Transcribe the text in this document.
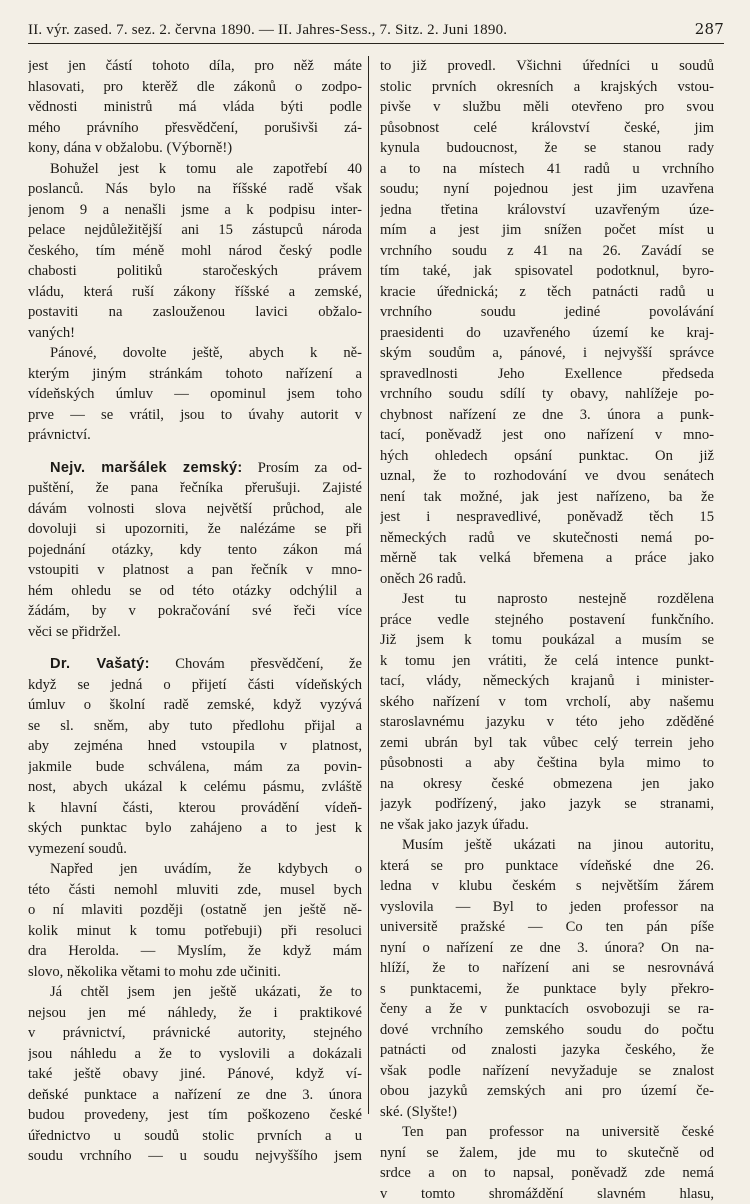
II. výr. zased. 7. sez. 2. června 1890. — II. Jahres-Sess., 7. Sitz. 2. Juni 1890.	287
jest jen částí tohoto díla, pro něž máte
hlasovati, pro kterěž dle zákonů o zodpo-
vědnosti ministrů má vláda býti podle
mého právního přesvědčení, porušivši zá-
kony, dána v obžalobu. (Výborně!)
Bohužel jest k tomu ale zapotřebí 40
poslanců. Nás bylo na říšské radě však
jenom 9 a nenašli jsme a k podpisu inter-
pelace nejdůležitější ani 15 zástupců národa
českého, tím méně mohl národ český podle
chabosti politiků staročeských právem
vládu, která ruší zákony říšské a zemské,
postaviti na zaslouženou lavici obžalo-
vaných!
Pánové, dovolte ještě, abych k ně-
kterým jiným stránkám tohoto nařízení a
vídeňských úmluv — opominul jsem toho
prve — se vrátil, jsou to úvahy autorit v
právnictví.
Nejv. maršálek zemský: Prosím za od-
puštění, že pana řečníka přerušuji. Zajisté
dávám volnosti slova největší průchod, ale
dovoluji si upozorniti, že nalézáme se při
pojednání otázky, kdy tento zákon má
vstoupiti v platnost a pan řečník v mno-
hém ohledu se od této otázky odchýlil a
žádám, by v pokračování své řeči více
věci se přidržel.
Dr. Vašatý: Chovám přesvědčení, že
když se jedná o přijetí části vídeňských
úmluv o školní radě zemské, když vyzývá
se sl. sněm, aby tuto předlohu přijal a
aby zejména hned vstoupila v platnost,
jakmile bude schválena, mám za povin-
nost, abych ukázal k celému pásmu, zvláště
k hlavní části, kterou provádění vídeň-
ských punktac bylo zahájeno a to jest k
vymezení soudů.
Napřed jen uvádím, že kdybych o
této části nemohl mluviti zde, musel bych
o ní mlaviti později (ostatně jen ještě ně-
kolik minut k tomu potřebuji) při resoluci
dra Herolda. — Myslím, že když mám
slovo, několika větami to mohu zde učiniti.
Já chtěl jsem jen ještě ukázati, že to
nejsou jen mé náhledy, že i praktikové
v právnictví, právnické autority, stejného
jsou náhledu a že to vyslovili a dokázali
také ještě obavy jiné. Pánové, když ví-
deňské punktace a nařízení ze dne 3. února
budou provedeny, jest tím poškozeno české
úřednictvo u soudů stolic prvních a u
soudu vrchního — u soudu nejvyššího jsem
to již provedl. Všichni úředníci u soudů
stolic prvních okresních a krajských vstou-
pivše v službu měli otevřeno pro svou
působnost celé království české, jim
kynula budoucnost, že se stanou rady
a to na místech 41 radů u vrchního
soudu; nyní pojednou jest jim uzavřena
jedna třetina království uzavřeným úze-
mím a jest jim snížen počet míst u
vrchního soudu z 41 na 26. Zavádí se
tím také, jak spisovatel podotknul, byro-
kracie úřednická; z těch patnácti radů u
vrchního soudu jediné povolávání
praesidenti do uzavřeného území ke kraj-
ským soudům a, pánové, i nejvyšší správce
spravedlnosti Jeho Exellence předseda
vrchního soudu sdílí ty obavy, nahlížeje po-
chybnost nařízení ze dne 3. února a punk-
tací, poněvadž jest ono nařízení v mno-
hých ohledech opsání punktac. On již
uznal, že to rozhodování ve dvou senátech
není tak možné, jak jest nařízeno, ba že
jest i nespravedlivé, poněvadž těch 15
německých radů ve skutečnosti nemá po-
měrně tak velká břemena a práce jako
oněch 26 radů.
Jest tu naprosto nestejně rozdělena
práce vedle stejného postavení funkčního.
Již jsem k tomu poukázal a musím se
k tomu jen vrátiti, že celá intence punkt-
tací, vlády, německých krajanů i minister-
ského nařízení v tom vrcholí, aby našemu
staroslavnému jazyku v této jeho zděděné
zemi ubrán byl tak vůbec celý terrein jeho
působnosti a aby čeština byla mimo to
na okresy české obmezena jen jako
jazyk podřízený, jako jazyk se stranami,
ne však jako jazyk úřadu.
Musím ještě ukázati na jinou autoritu,
která se pro punktace vídeňské dne 26.
ledna v klubu českém s největším žárem
vyslovila — Byl to jeden professor na
universitě pražské — Co ten pán píše
nyní o nařízení ze dne 3. února? On na-
hlíží, že to nařízení ani se nesrovnává
s punktacemi, že punktace byly překro-
čeny a že v punktacích osvobozuji se ra-
dové vrchního zemského soudu do počtu
patnácti od znalosti jazyka českého, že
však podle nařízení nevyžaduje se znalost
obou jazyků zemských ani pro území če-
ské. (Slyšte!)
Ten pan professor na universitě české
nyní se žalem, jde mu to skutečně od
srdce a on to napsal, poněvadž zde nemá
v tomto shromáždění slavném hlasu,
